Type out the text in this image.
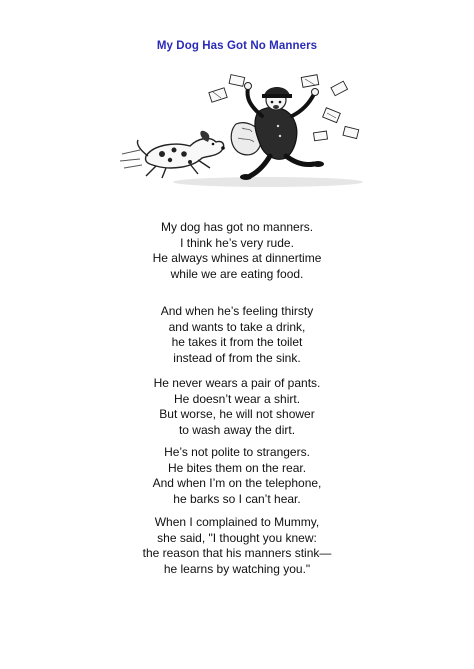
My Dog Has Got No Manners
My dog has got no manners.
I think he’s very rude.
He always whines at dinnertime
while we are eating food.
And when he’s feeling thirsty
and wants to take a drink,
he takes it from the toilet
instead of from the sink.
He never wears a pair of pants.
He doesn’t wear a shirt.
But worse, he will not shower
to wash away the dirt.
He’s not polite to strangers.
He bites them on the rear.
And when I’m on the telephone,
he barks so I can’t hear.
When I complained to Mummy,
she said, "I thought you knew:
the reason that his manners stink—
he learns by watching you."
